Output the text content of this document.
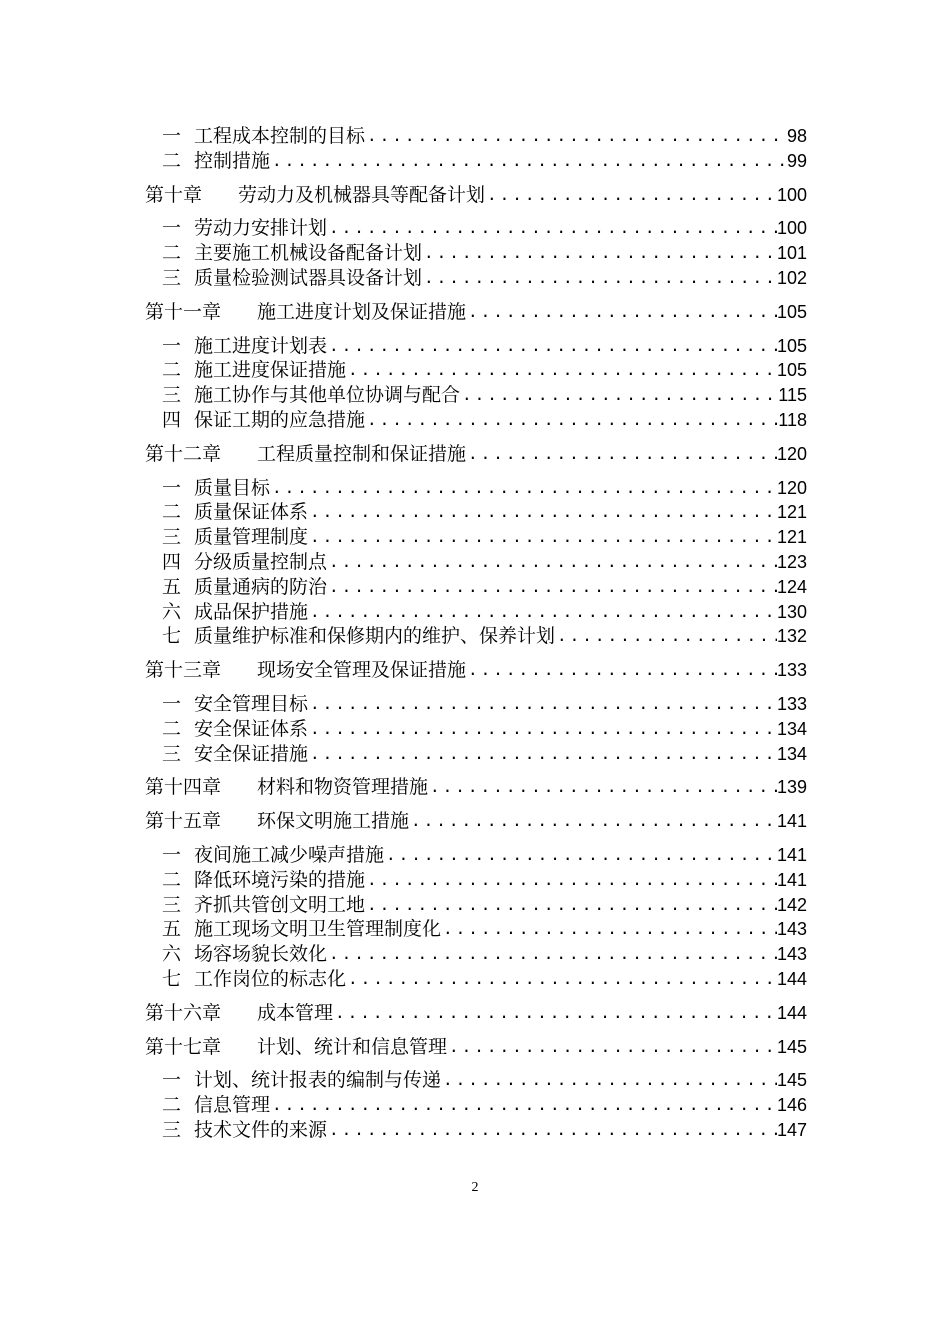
一 工程成本控制的目标 .....	98
二 控制措施 .....	99
第十章	劳动力及机械器具等配备计划 .....	100
一 劳动力安排计划 .....	100
二 主要施工机械设备配备计划 .....	101
三 质量检验测试器具设备计划 .....	102
第十一章	施工进度计划及保证措施 .....	105
一 施工进度计划表 .....	105
二 施工进度保证措施 .....	105
三 施工协作与其他单位协调与配合 .....	115
四 保证工期的应急措施 .....	118
第十二章	工程质量控制和保证措施 .....	120
一 质量目标 .....	120
二 质量保证体系 .....	121
三 质量管理制度 .....	121
四 分级质量控制点 .....	123
五 质量通病的防治 .....	124
六 成品保护措施 .....	130
七 质量维护标准和保修期内的维护、保养计划 .....	132
第十三章	现场安全管理及保证措施 .....	133
一 安全管理目标 .....	133
二 安全保证体系 .....	134
三 安全保证措施 .....	134
第十四章	材料和物资管理措施 .....	139
第十五章	环保文明施工措施 .....	141
一 夜间施工减少噪声措施 .....	141
二 降低环境污染的措施 .....	141
三 齐抓共管创文明工地 .....	142
五 施工现场文明卫生管理制度化 .....	143
六 场容场貌长效化 .....	143
七 工作岗位的标志化 .....	144
第十六章	成本管理 .....	144
第十七章	计划、统计和信息管理 .....	145
一 计划、统计报表的编制与传递 .....	145
二 信息管理 .....	146
三 技术文件的来源 .....	147
2
